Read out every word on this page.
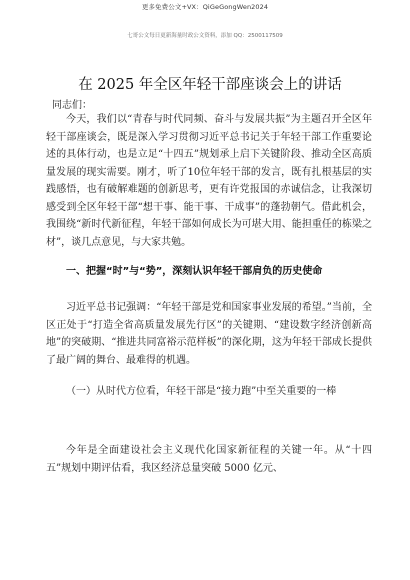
更多免费公文+VX：QiGeGongWen2024
七哥公文每日更新海量时政公文资料，添加 QQ：2500117509
在 2025 年全区年轻干部座谈会上的讲话
同志们：

今天，我们以“青春与时代同频、奋斗与发展共振”为主题召开全区年轻干部座谈会，既是深入学习贯彻习近平总书记关于年轻干部工作重要论述的具体行动，也是立足“十四五”规划承上启下关键阶段、推动全区高质量发展的现实需要。刚才，听了10位年轻干部的发言，既有扎根基层的实践感悟，也有破解难题的创新思考，更有许党报国的赤诚信念，让我深切感受到全区年轻干部“想干事、能干事、干成事”的蓬勃朝气。借此机会，我围绕“新时代新征程，年轻干部如何成长为可堪大用、能担重任的栋梁之材”，谈几点意见，与大家共勉。

一、把握“时”与“势”，深刻认识年轻干部肩负的历史使命

习近平总书记强调：“年轻干部是党和国家事业发展的希望。”当前，全区正处于“打造全省高质量发展先行区”的关键期、“建设数字经济创新高地”的突破期、“推进共同富裕示范样板”的深化期，这为年轻干部成长提供了最广阔的舞台、最难得的机遇。

（一）从时代方位看，年轻干部是“接力跑”中至关重要的一棒

今年是全面建设社会主义现代化国家新征程的关键一年。从“十四五”规划中期评估看，我区经济总量突破 5000 亿元、
